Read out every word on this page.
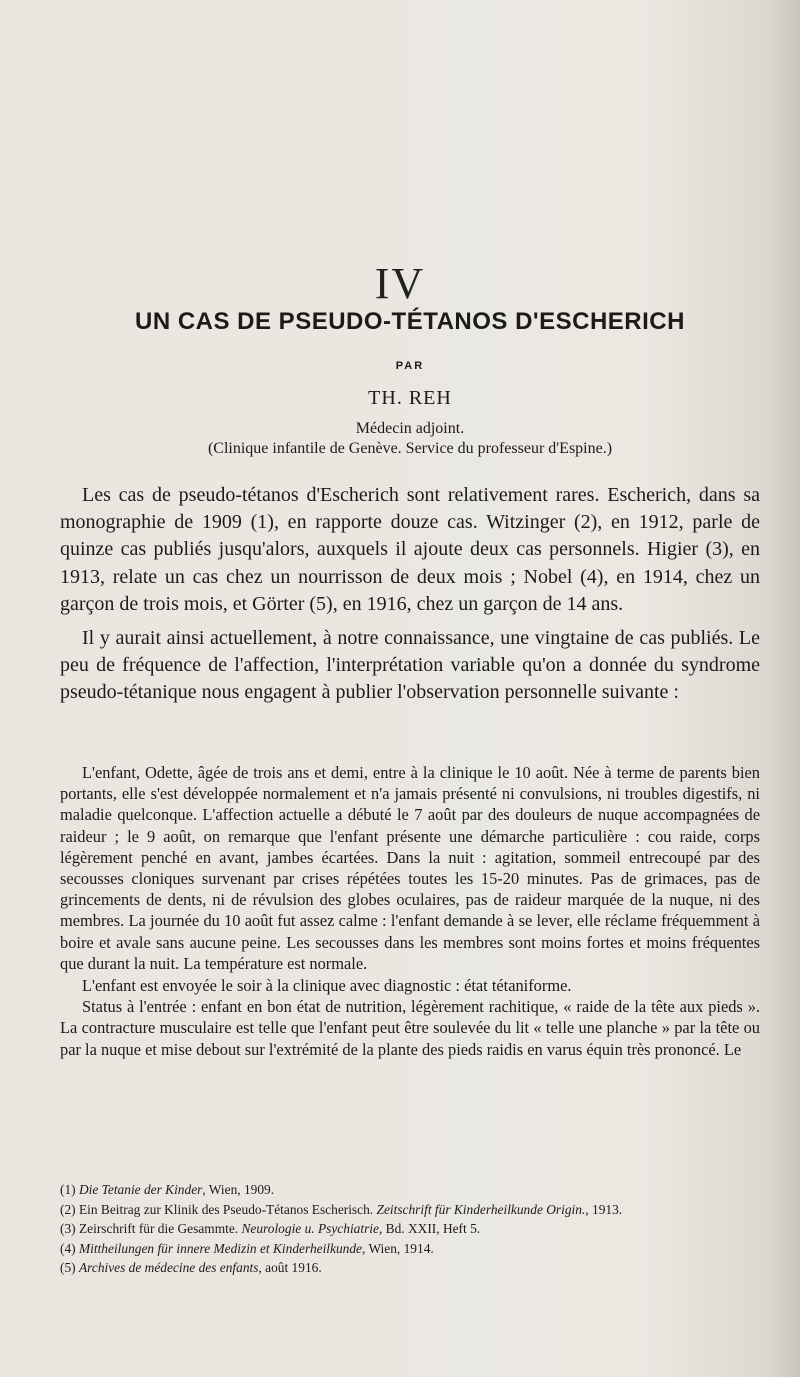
IV
UN CAS DE PSEUDO-TÉTANOS D'ESCHERICH
PAR
TH. REH
Médecin adjoint.
(Clinique infantile de Genève. Service du professeur d'Espine.)

Les cas de pseudo-tétanos d'Escherich sont relativement rares. Escherich, dans sa monographie de 1909 (1), en rapporte douze cas. Witzinger (2), en 1912, parle de quinze cas publiés jusqu'alors, auxquels il ajoute deux cas personnels. Higier (3), en 1913, relate un cas chez un nourrisson de deux mois ; Nobel (4), en 1914, chez un garçon de trois mois, et Görter (5), en 1916, chez un garçon de 14 ans.

Il y aurait ainsi actuellement, à notre connaissance, une vingtaine de cas publiés. Le peu de fréquence de l'affection, l'interprétation variable qu'on a donnée du syndrome pseudo-tétanique nous engagent à publier l'observation personnelle suivante :

L'enfant, Odette, âgée de trois ans et demi, entre à la clinique le 10 août. Née à terme de parents bien portants, elle s'est développée normalement et n'a jamais présenté ni convulsions, ni troubles digestifs, ni maladie quelconque. L'affection actuelle a débuté le 7 août par des douleurs de nuque accompagnées de raideur ; le 9 août, on remarque que l'enfant présente une démarche particulière : cou raide, corps légèrement penché en avant, jambes écartées. Dans la nuit : agitation, sommeil entrecoupé par des secousses cloniques survenant par crises répétées toutes les 15-20 minutes. Pas de grimaces, pas de grincements de dents, ni de révulsion des globes oculaires, pas de raideur marquée de la nuque, ni des membres. La journée du 10 août fut assez calme : l'enfant demande à se lever, elle réclame fréquemment à boire et avale sans aucune peine. Les secousses dans les membres sont moins fortes et moins fréquentes que durant la nuit. La température est normale.

L'enfant est envoyée le soir à la clinique avec diagnostic : état tétaniforme.

Status à l'entrée : enfant en bon état de nutrition, légèrement rachitique, « raide de la tête aux pieds ». La contracture musculaire est telle que l'enfant peut être soulevée du lit « telle une planche » par la tête ou par la nuque et mise debout sur l'extrémité de la plante des pieds raidis en varus équin très prononcé. Le

(1) Die Tetanie der Kinder, Wien, 1909.

(2) Ein Beitrag zur Klinik des Pseudo-Tétanos Escherisch. Zeitschrift für Kinderheilkunde Origin., 1913.

(3) Zeirschrift für die Gesammte. Neurologie u. Psychiatrie, Bd. XXII, Heft 5.

(4) Mittheilungen für innere Medizin et Kinderheilkunde, Wien, 1914.

(5) Archives de médecine des enfants, août 1916.
